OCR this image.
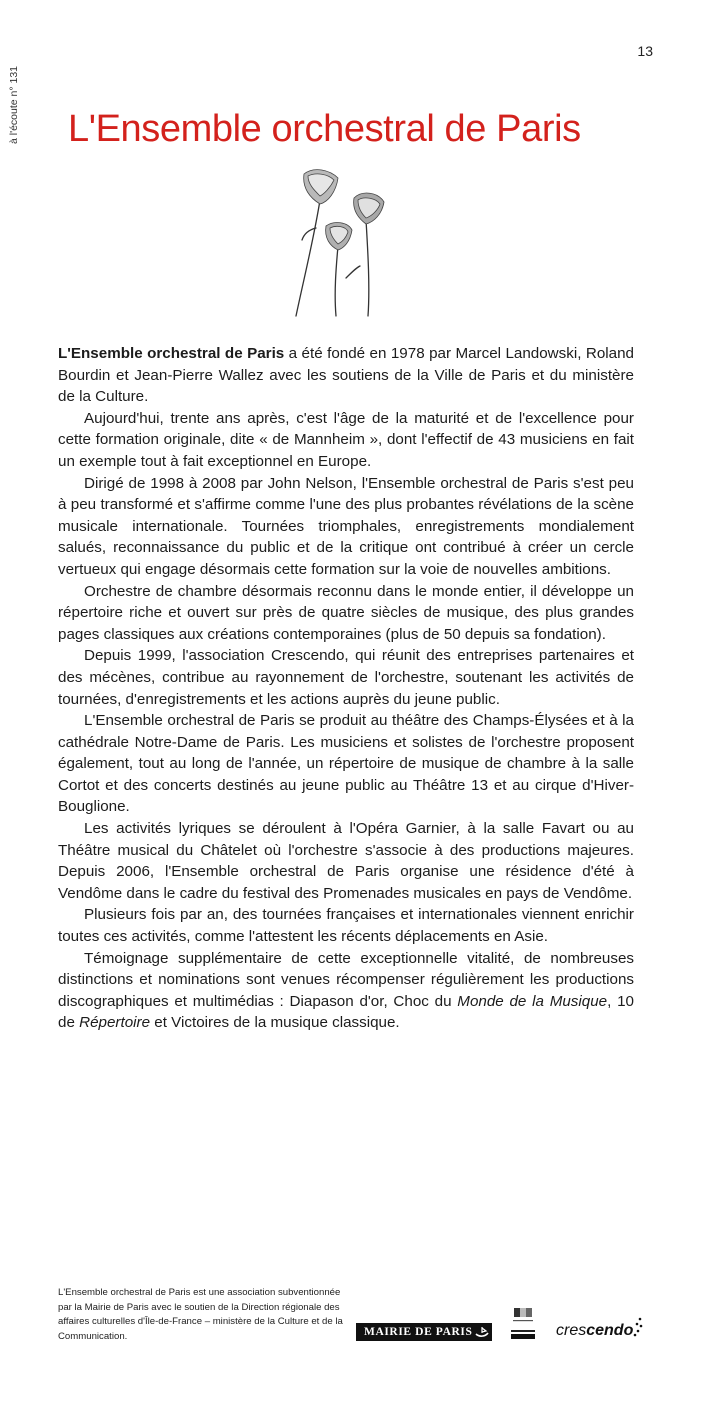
à l'écoute n° 131
13
L'Ensemble orchestral de Paris

L'Ensemble orchestral de Paris a été fondé en 1978 par Marcel Landowski, Roland Bourdin et Jean-Pierre Wallez avec les soutiens de la Ville de Paris et du ministère de la Culture.

Aujourd'hui, trente ans après, c'est l'âge de la maturité et de l'excellence pour cette formation originale, dite « de Mannheim », dont l'effectif de 43 musiciens en fait un exemple tout à fait exceptionnel en Europe.

Dirigé de 1998 à 2008 par John Nelson, l'Ensemble orchestral de Paris s'est peu à peu transformé et s'affirme comme l'une des plus probantes révélations de la scène musicale internationale. Tournées triomphales, enregistrements mondialement salués, reconnaissance du public et de la critique ont contribué à créer un cercle vertueux qui engage désormais cette formation sur la voie de nouvelles ambitions.

Orchestre de chambre désormais reconnu dans le monde entier, il développe un répertoire riche et ouvert sur près de quatre siècles de musique, des plus grandes pages classiques aux créations contemporaines (plus de 50 depuis sa fondation).

Depuis 1999, l'association Crescendo, qui réunit des entreprises partenaires et des mécènes, contribue au rayonnement de l'orchestre, soutenant les activités de tournées, d'enregistrements et les actions auprès du jeune public.

L'Ensemble orchestral de Paris se produit au théâtre des Champs-Élysées et à la cathédrale Notre-Dame de Paris. Les musiciens et solistes de l'orchestre proposent également, tout au long de l'année, un répertoire de musique de chambre à la salle Cortot et des concerts destinés au jeune public au Théâtre 13 et au cirque d'Hiver-Bouglione.

Les activités lyriques se déroulent à l'Opéra Garnier, à la salle Favart ou au Théâtre musical du Châtelet où l'orchestre s'associe à des productions majeures. Depuis 2006, l'Ensemble orchestral de Paris organise une résidence d'été à Vendôme dans le cadre du festival des Promenades musicales en pays de Vendôme.

Plusieurs fois par an, des tournées françaises et internationales viennent enrichir toutes ces activités, comme l'attestent les récents déplacements en Asie.

Témoignage supplémentaire de cette exceptionnelle vitalité, de nombreuses distinctions et nominations sont venues récompenser régulièrement les productions discographiques et multimédias : Diapason d'or, Choc du Monde de la Musique, 10 de Répertoire et Victoires de la musique classique.

L'Ensemble orchestral de Paris est une association subventionnée par la Mairie de Paris avec le soutien de la Direction régionale des affaires culturelles d'Île-de-France – ministère de la Culture et de la Communication.	MAIRIE DE PARIS	crescendo
